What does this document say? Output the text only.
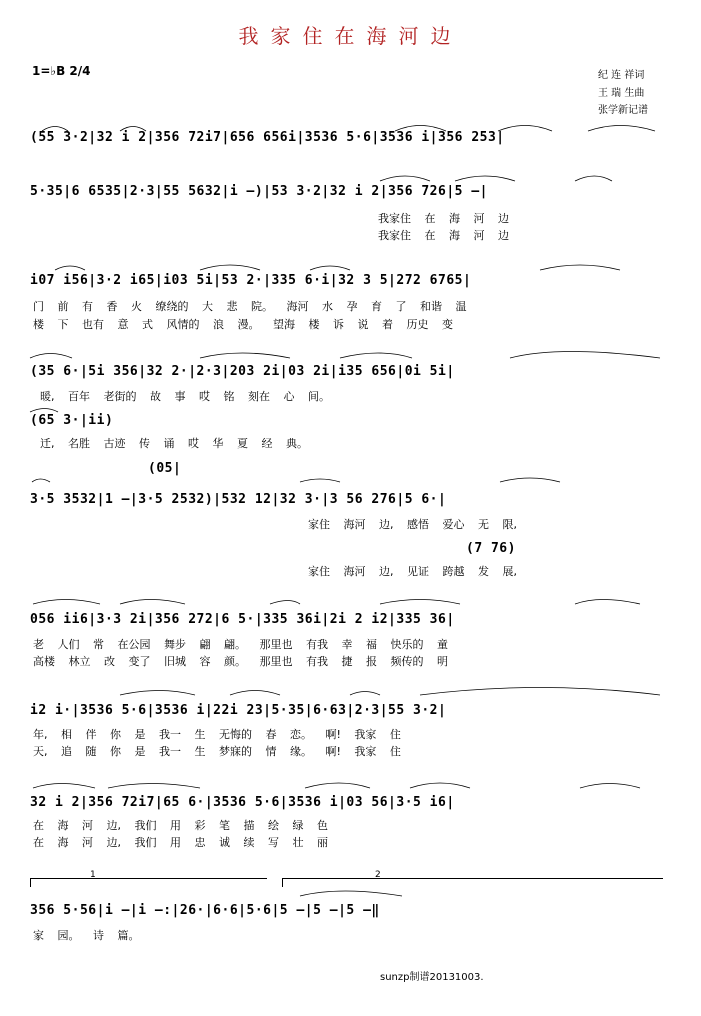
我家住在海河边
1=♭B 2/4	纪 连 祥词
王 瑞 生曲
张学新记谱
(55 3·2|32 i 2|356 72i7|656 656i|3536 5·6|3536 i|356 253|
5·35|6 6535|2·3|55 5632|i –)|53 3·2|32 i 2|356 726|5 –|
我家住 在 海 河 边
我家住 在 海 河 边
i07 i56|3·2 i65|i03 5i|53 2·|335 6·i|32 3 5|272 6765|
门 前 有 香 火 缭绕的 大 悲 院。 海河 水 孕 育 了 和谐 温
楼 下 也有 意 式 风情的 浪 漫。 望海 楼 诉 说 着 历史 变
(35 6·|5i 356|32 2·|2·3|203 2i|03 2i|i35 656|0i 5i|
暖, 百年 老街的 故 事 哎 铭 刻在 心 间。
(65 3·|ii)
迁, 名胜 古迹 传 诵 哎 华 夏 经 典。
(05|
3·5 3532|1 –|3·5 2532)|532 12|32 3·|3 56 276|5 6·|
家住 海河 边, 感悟 爱心 无 限,
(7 76)
家住 海河 边, 见证 跨越 发 展,
056 ii6|3·3 2i|356 272|6 5·|335 36i|2i 2 i2|335 36|
老 人们 常 在公园 舞步 翩 翩。 那里也 有我 幸 福 快乐的 童
高楼 林立 改 变了 旧城 容 颜。 那里也 有我 捷 报 频传的 明
i2 i·|3536 5·6|3536 i|22i 23|5·35|6·63|2·3|55 3·2|
年, 相 伴 你 是 我一 生 无悔的 春 恋。 啊! 我家 住
天, 追 随 你 是 我一 生 梦寐的 情 缘。 啊! 我家 住
32 i 2|356 72i7|65 6·|3536 5·6|3536 i|03 56|3·5 i6|
在 海 河 边, 我们 用 彩 笔 描 绘 绿 色
在 海 河 边, 我们 用 忠 诚 续 写 壮 丽
1	2
356 5·56|i –|i –:|26·|6·6|5·6|5 –|5 –|5 –‖
家 园。 诗 篇。
sunzp制谱20131003.
